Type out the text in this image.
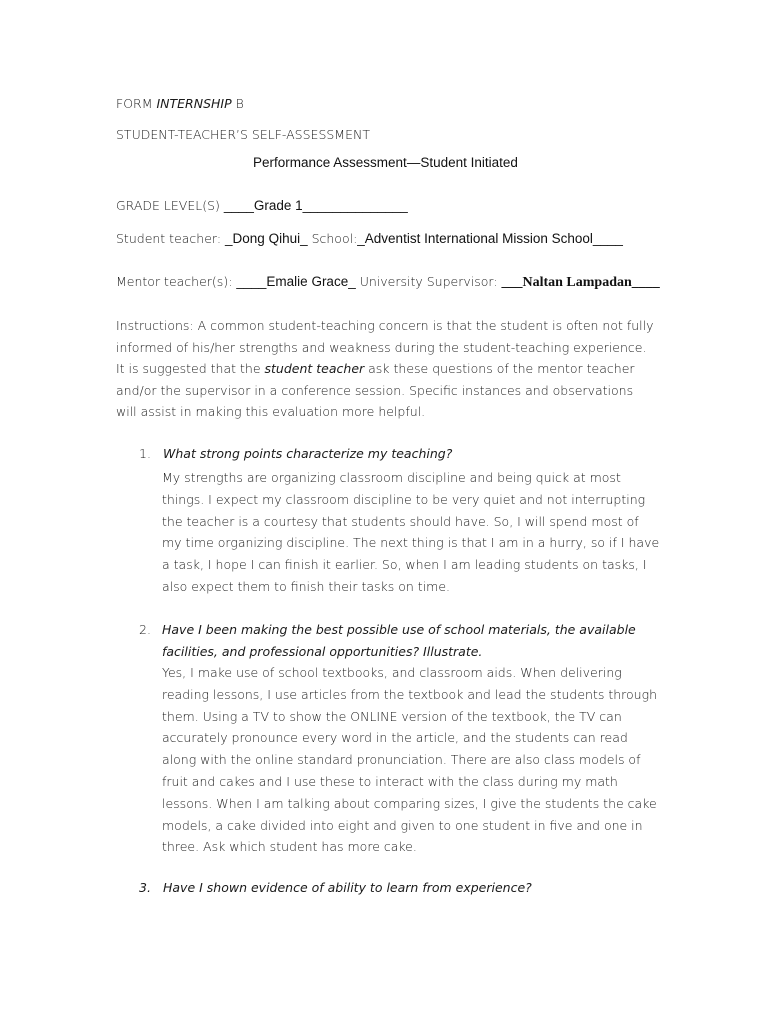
FORM INTERNSHIP B
STUDENT-TEACHER’S SELF-ASSESSMENT
Performance Assessment—Student Initiated
GRADE LEVEL(S) ____Grade 1______________
Student teacher: _Dong Qihui_ School:_Adventist International Mission School____
Mentor teacher(s): ____Emalie Grace_ University Supervisor: ___Naltan Lampadan____
Instructions: A common student-teaching concern is that the student is often not fully informed of his/her strengths and weakness during the student-teaching experience. It is suggested that the student teacher ask these questions of the mentor teacher and/or the supervisor in a conference session. Specific instances and observations will assist in making this evaluation more helpful.
1. What strong points characterize my teaching?
My strengths are organizing classroom discipline and being quick at most things. I expect my classroom discipline to be very quiet and not interrupting the teacher is a courtesy that students should have. So, I will spend most of my time organizing discipline. The next thing is that I am in a hurry, so if I have a task, I hope I can finish it earlier. So, when I am leading students on tasks, I also expect them to finish their tasks on time.
2. Have I been making the best possible use of school materials, the available facilities, and professional opportunities? Illustrate.
Yes, I make use of school textbooks, and classroom aids. When delivering reading lessons, I use articles from the textbook and lead the students through them. Using a TV to show the ONLINE version of the textbook, the TV can accurately pronounce every word in the article, and the students can read along with the online standard pronunciation. There are also class models of fruit and cakes and I use these to interact with the class during my math lessons. When I am talking about comparing sizes, I give the students the cake models, a cake divided into eight and given to one student in five and one in three. Ask which student has more cake.
3. Have I shown evidence of ability to learn from experience?
